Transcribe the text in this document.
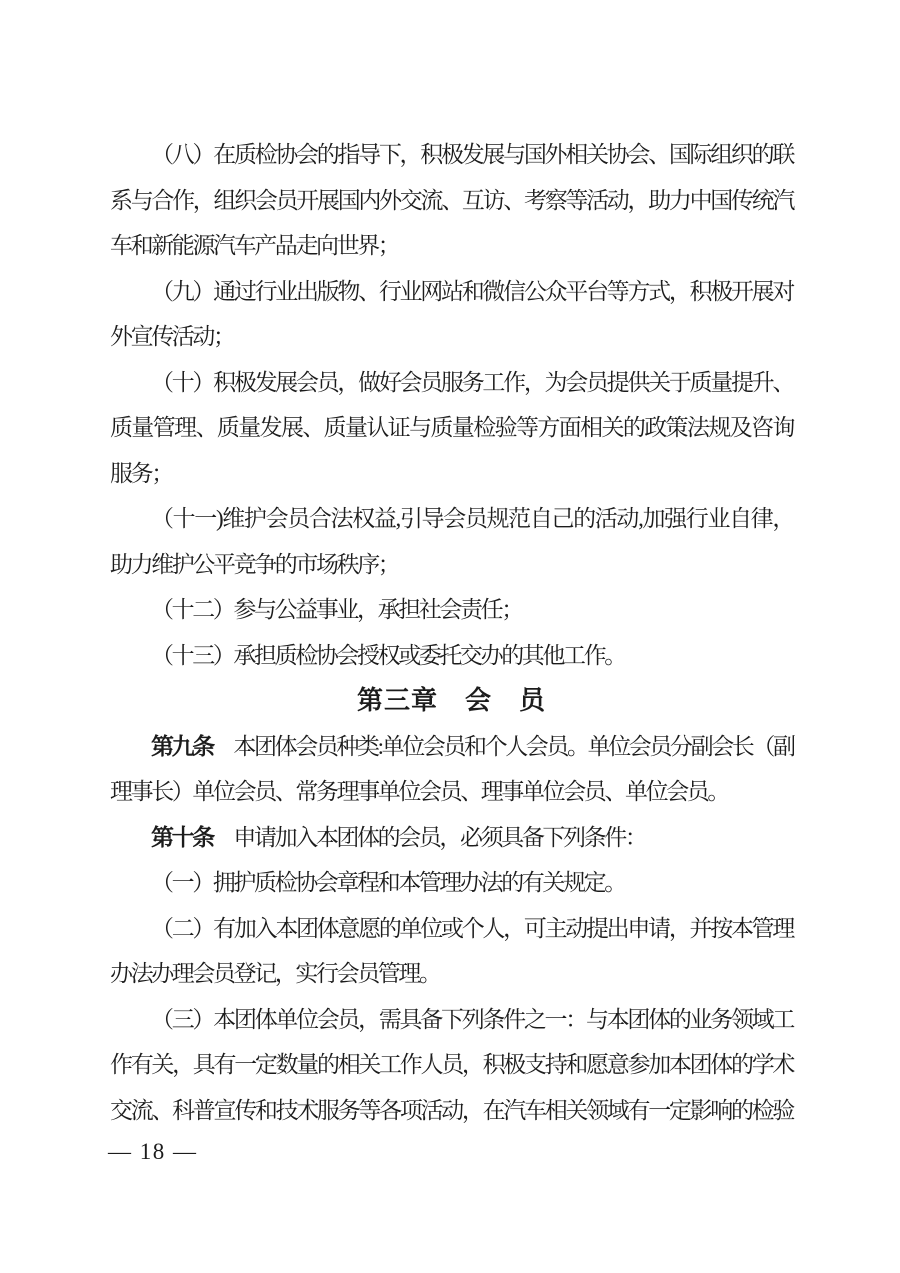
（八）在质检协会的指导下，积极发展与国外相关协会、国际组织的联
系与合作，组织会员开展国内外交流、互访、考察等活动，助力中国传统汽
车和新能源汽车产品走向世界；
（九）通过行业出版物、行业网站和微信公众平台等方式，积极开展对
外宣传活动；
（十）积极发展会员，做好会员服务工作，为会员提供关于质量提升、
质量管理、质量发展、质量认证与质量检验等方面相关的政策法规及咨询
服务；
（十一)维护会员合法权益,引导会员规范自己的活动,加强行业自律，
助力维护公平竞争的市场秩序；
（十二）参与公益事业，承担社会责任；
（十三）承担质检协会授权或委托交办的其他工作。
第三章　会　员
第九条　本团体会员种类:单位会员和个人会员。单位会员分副会长（副
理事长）单位会员、常务理事单位会员、理事单位会员、单位会员。
第十条　申请加入本团体的会员，必须具备下列条件：
（一）拥护质检协会章程和本管理办法的有关规定。
（二）有加入本团体意愿的单位或个人，可主动提出申请，并按本管理
办法办理会员登记，实行会员管理。
（三）本团体单位会员，需具备下列条件之一：与本团体的业务领域工
作有关，具有一定数量的相关工作人员，积极支持和愿意参加本团体的学术
交流、科普宣传和技术服务等各项活动，在汽车相关领域有一定影响的检验
— 18 —
